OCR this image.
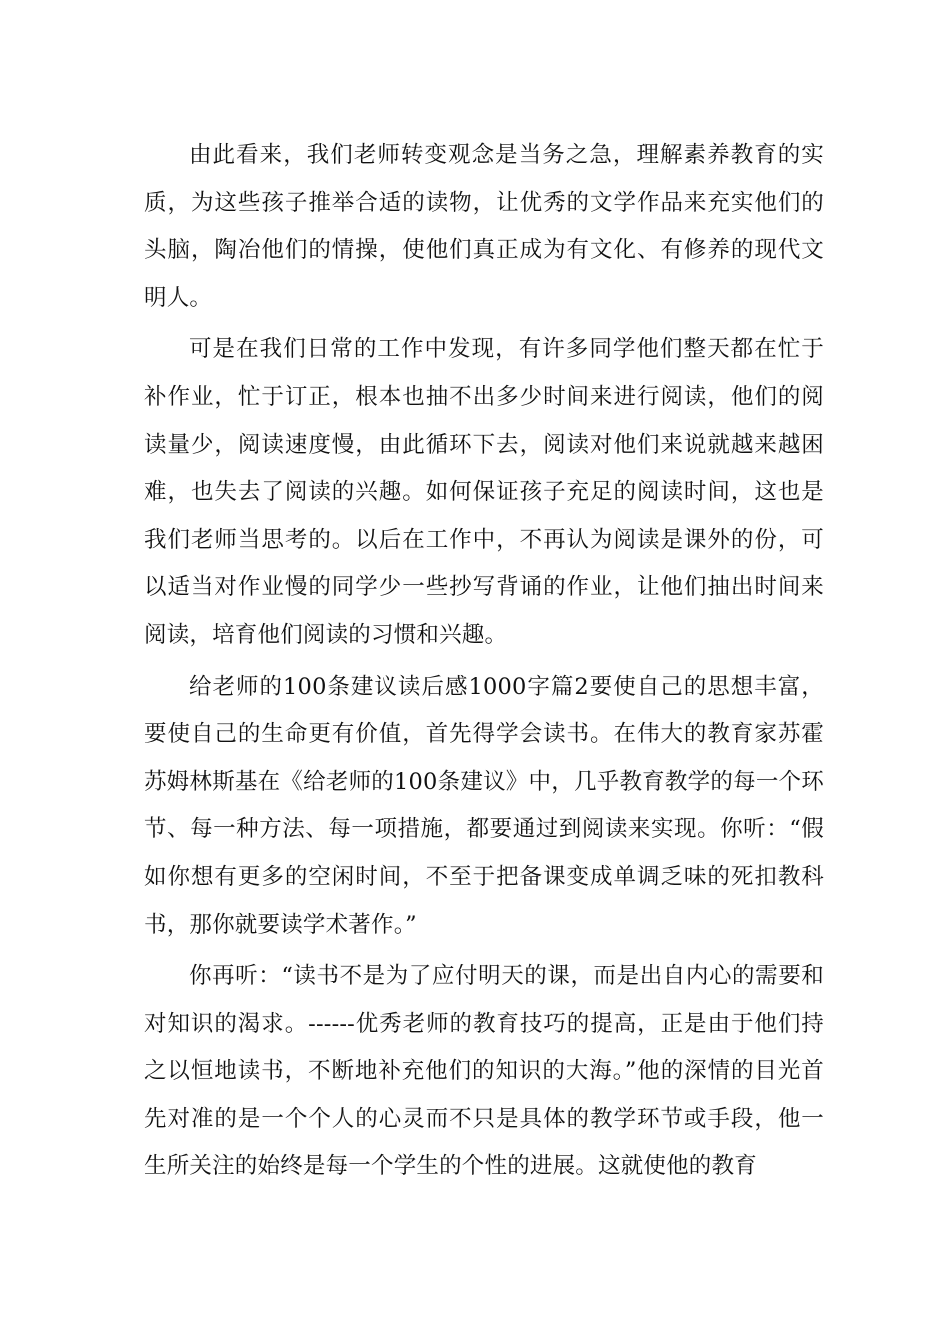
由此看来，我们老师转变观念是当务之急，理解素养教育的实质，为这些孩子推举合适的读物，让优秀的文学作品来充实他们的头脑，陶冶他们的情操，使他们真正成为有文化、有修养的现代文明人。

可是在我们日常的工作中发现，有许多同学他们整天都在忙于补作业，忙于订正，根本也抽不出多少时间来进行阅读，他们的阅读量少，阅读速度慢，由此循环下去，阅读对他们来说就越来越困难，也失去了阅读的兴趣。如何保证孩子充足的阅读时间，这也是我们老师当思考的。以后在工作中，不再认为阅读是课外的份，可以适当对作业慢的同学少一些抄写背诵的作业，让他们抽出时间来阅读，培育他们阅读的习惯和兴趣。

给老师的100条建议读后感1000字篇2要使自己的思想丰富，要使自己的生命更有价值，首先得学会读书。在伟大的教育家苏霍苏姆林斯基在《给老师的100条建议》中，几乎教育教学的每一个环节、每一种方法、每一项措施，都要通过到阅读来实现。你听：“假如你想有更多的空闲时间，不至于把备课变成单调乏味的死扣教科书，那你就要读学术著作。”

你再听：“读书不是为了应付明天的课，而是出自内心的需要和对知识的渴求。------优秀老师的教育技巧的提高，正是由于他们持之以恒地读书，不断地补充他们的知识的大海。”他的深情的目光首先对准的是一个个人的心灵而不只是具体的教学环节或手段，他一生所关注的始终是每一个学生的个性的进展。这就使他的教育
